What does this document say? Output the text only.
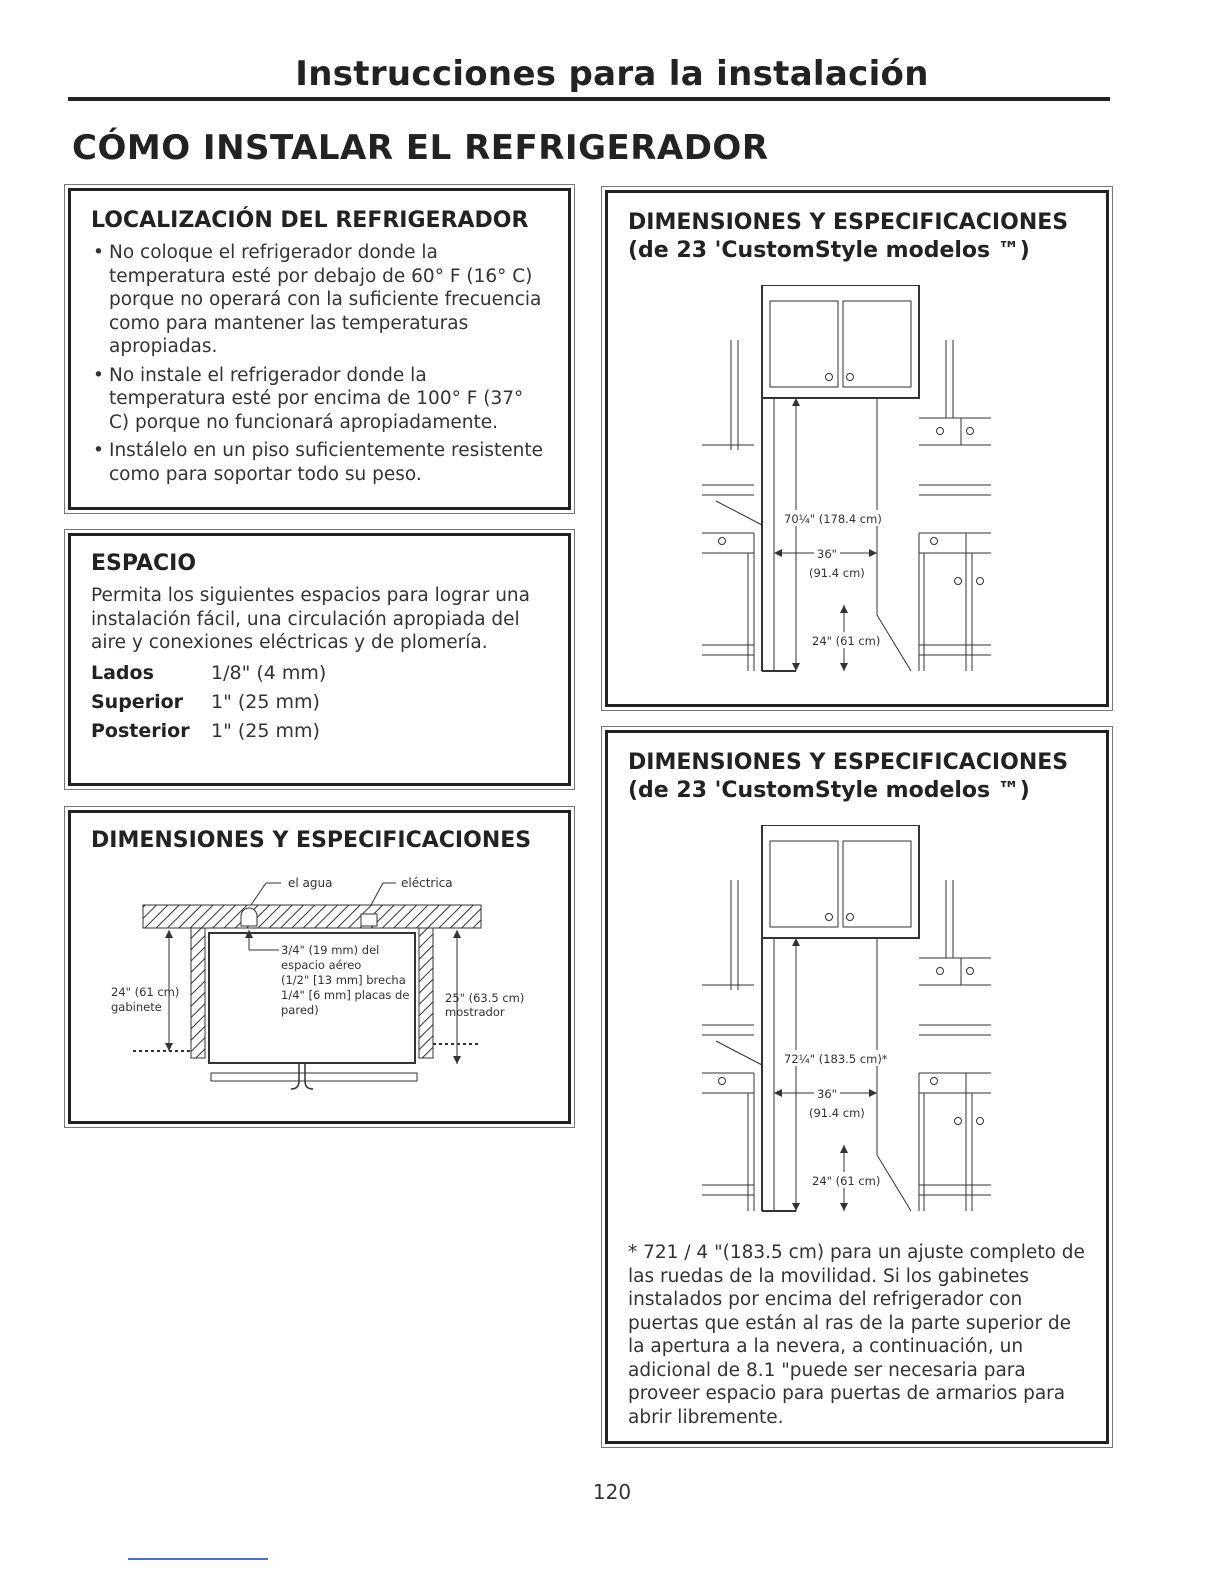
Instrucciones para la instalación
CÓMO INSTALAR EL REFRIGERADOR
LOCALIZACIÓN DEL REFRIGERADOR
• No coloque el refrigerador donde la temperatura esté por debajo de 60° F (16° C) porque no operará con la suficiente frecuencia como para mantener las temperaturas apropiadas.
• No instale el refrigerador donde la temperatura esté por encima de 100° F (37° C) porque no funcionará apropiadamente.
• Instálelo en un piso suficientemente resistente como para soportar todo su peso.
ESPACIO
Permita los siguientes espacios para lograr una instalación fácil, una circulación apropiada del aire y conexiones eléctricas y de plomería.
Lados	1/8" (4 mm)
Superior	1" (25 mm)
Posterior	1" (25 mm)
DIMENSIONES Y ESPECIFICACIONES
el agua	eléctrica
3/4" (19 mm) del
espacio aéreo
(1/2" [13 mm] brecha
1/4" [6 mm] placas de
pared)
24" (61 cm)
gabinete
25" (63.5 cm)
mostrador
DIMENSIONES Y ESPECIFICACIONES
(de 23 'CustomStyle modelos ™)
70¼" (178.4 cm)
36"
(91.4 cm)
24" (61 cm)
DIMENSIONES Y ESPECIFICACIONES
(de 23 'CustomStyle modelos ™)
72¼" (183.5 cm)*
36"
(91.4 cm)
24" (61 cm)
* 721 / 4 "(183.5 cm) para un ajuste completo de las ruedas de la movilidad. Si los gabinetes instalados por encima del refrigerador con puertas que están al ras de la parte superior de la apertura a la nevera, a continuación, un adicional de 8.1 "puede ser necesaria para proveer espacio para puertas de armarios para abrir libremente.
120
